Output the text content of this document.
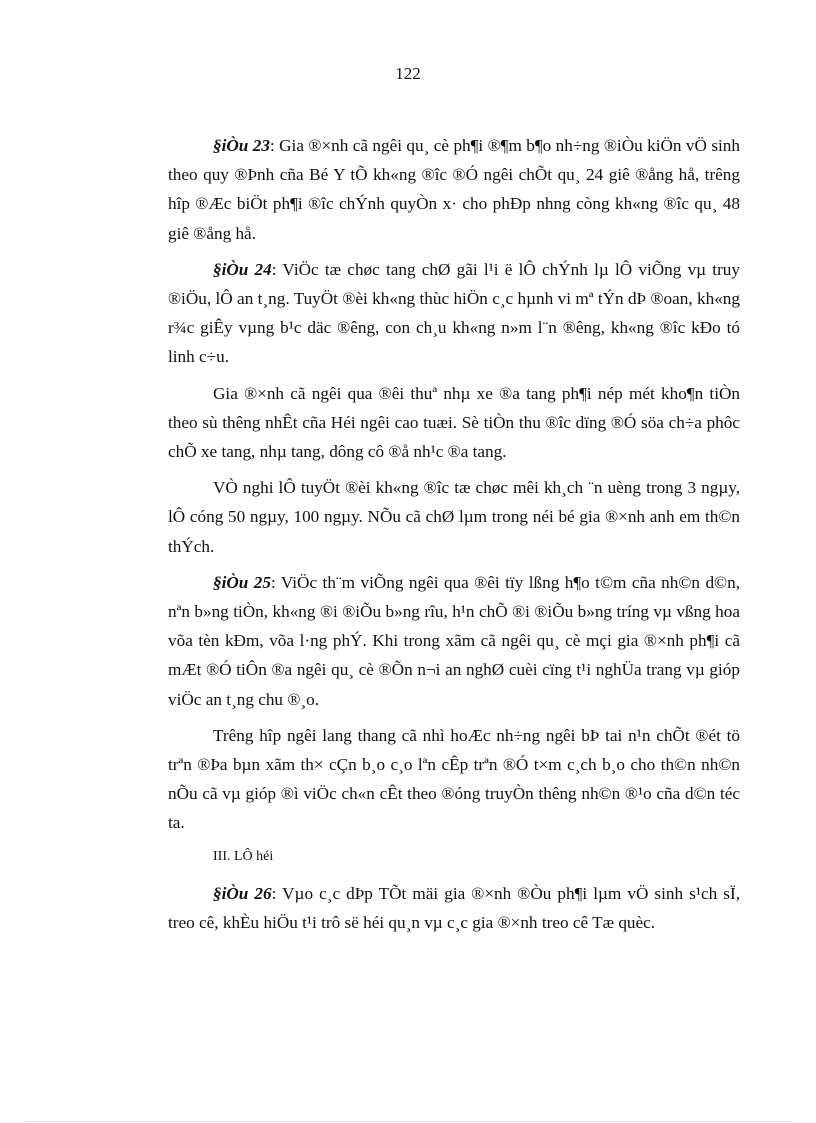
122

§iÒu 23: Gia ®×nh cã ngêi qu¸ cè ph¶i ®¶m b¶o nh÷ng ®iÒu kiÖn vÖ sinh theo quy ®Þnh cña Bé Y tÕ kh«ng ®îc ®Ó ngêi chÕt qu¸ 24 giê ®ång hå, trêng hîp ®Æc biÖt ph¶i ®îc chÝnh quyÒn x· cho phÐp nhng còng kh«ng ®îc qu¸ 48 giê ®ång hå.

§iÒu 24: ViÖc tæ chøc tang chØ gãi l¹i ë lÔ chÝnh lµ lÔ viÕng vµ truy ®iÖu, lÔ an t¸ng. TuyÖt ®èi kh«ng thùc hiÖn c¸c hµnh vi mª tÝn dÞ ®oan, kh«ng r¾c giÊy vµng b¹c däc ®êng, con ch¸u kh«ng n»m l¨n ®êng, kh«ng ®îc kÐo tó linh c÷u.

Gia ®×nh cã ngêi qua ®êi thuª nhµ xe ®a tang ph¶i nép mét kho¶n tiÒn theo sù thêng nhÊt cña Héi ngêi cao tuæi. Sè tiÒn thu ®îc dïng ®Ó söa ch÷a phôc chÕ xe tang, nhµ tang, dông cô ®å nh¹c ®a tang.

VÒ nghi lÔ tuyÖt ®èi kh«ng ®îc tæ chøc mêi kh¸ch ¨n uèng trong 3 ngµy, lÔ cóng 50 ngµy, 100 ngµy. NÕu cã chØ lµm trong néi bé gia ®×nh anh em th©n thÝch.

§iÒu 25: ViÖc th¨m viÕng ngêi qua ®êi tïy lßng h¶o t©m cña nh©n d©n, nªn b»ng tiÒn, kh«ng ®i ®iÕu b»ng rîu, h¹n chÕ ®i ®iÕu b»ng tríng vµ vßng hoa võa tèn kÐm, võa l·ng phÝ. Khi trong xãm cã ngêi qu¸ cè mçi gia ®×nh ph¶i cã mÆt ®Ó tiÔn ®a ngêi qu¸ cè ®Õn n¬i an nghØ cuèi cïng t¹i nghÜa trang vµ gióp viÖc an t¸ng chu ®¸o.

Trêng hîp ngêi lang thang cã nhì hoÆc nh÷ng ngêi bÞ tai n¹n chÕt ®ét tö trªn ®Þa bµn xãm th× cÇn b¸o c¸o lªn cÊp trªn ®Ó t×m c¸ch b¸o cho th©n nh©n nÕu cã vµ gióp ®ì viÖc ch«n cÊt theo ®óng truyÒn thêng nh©n ®¹o cña d©n téc ta.

III. LÔ héi

§iÒu 26: Vµo c¸c dÞp TÕt mäi gia ®×nh ®Òu ph¶i lµm vÖ sinh s¹ch sÏ, treo cê, khÈu hiÖu t¹i trô së héi qu¸n vµ c¸c gia ®×nh treo cê Tæ quèc.
